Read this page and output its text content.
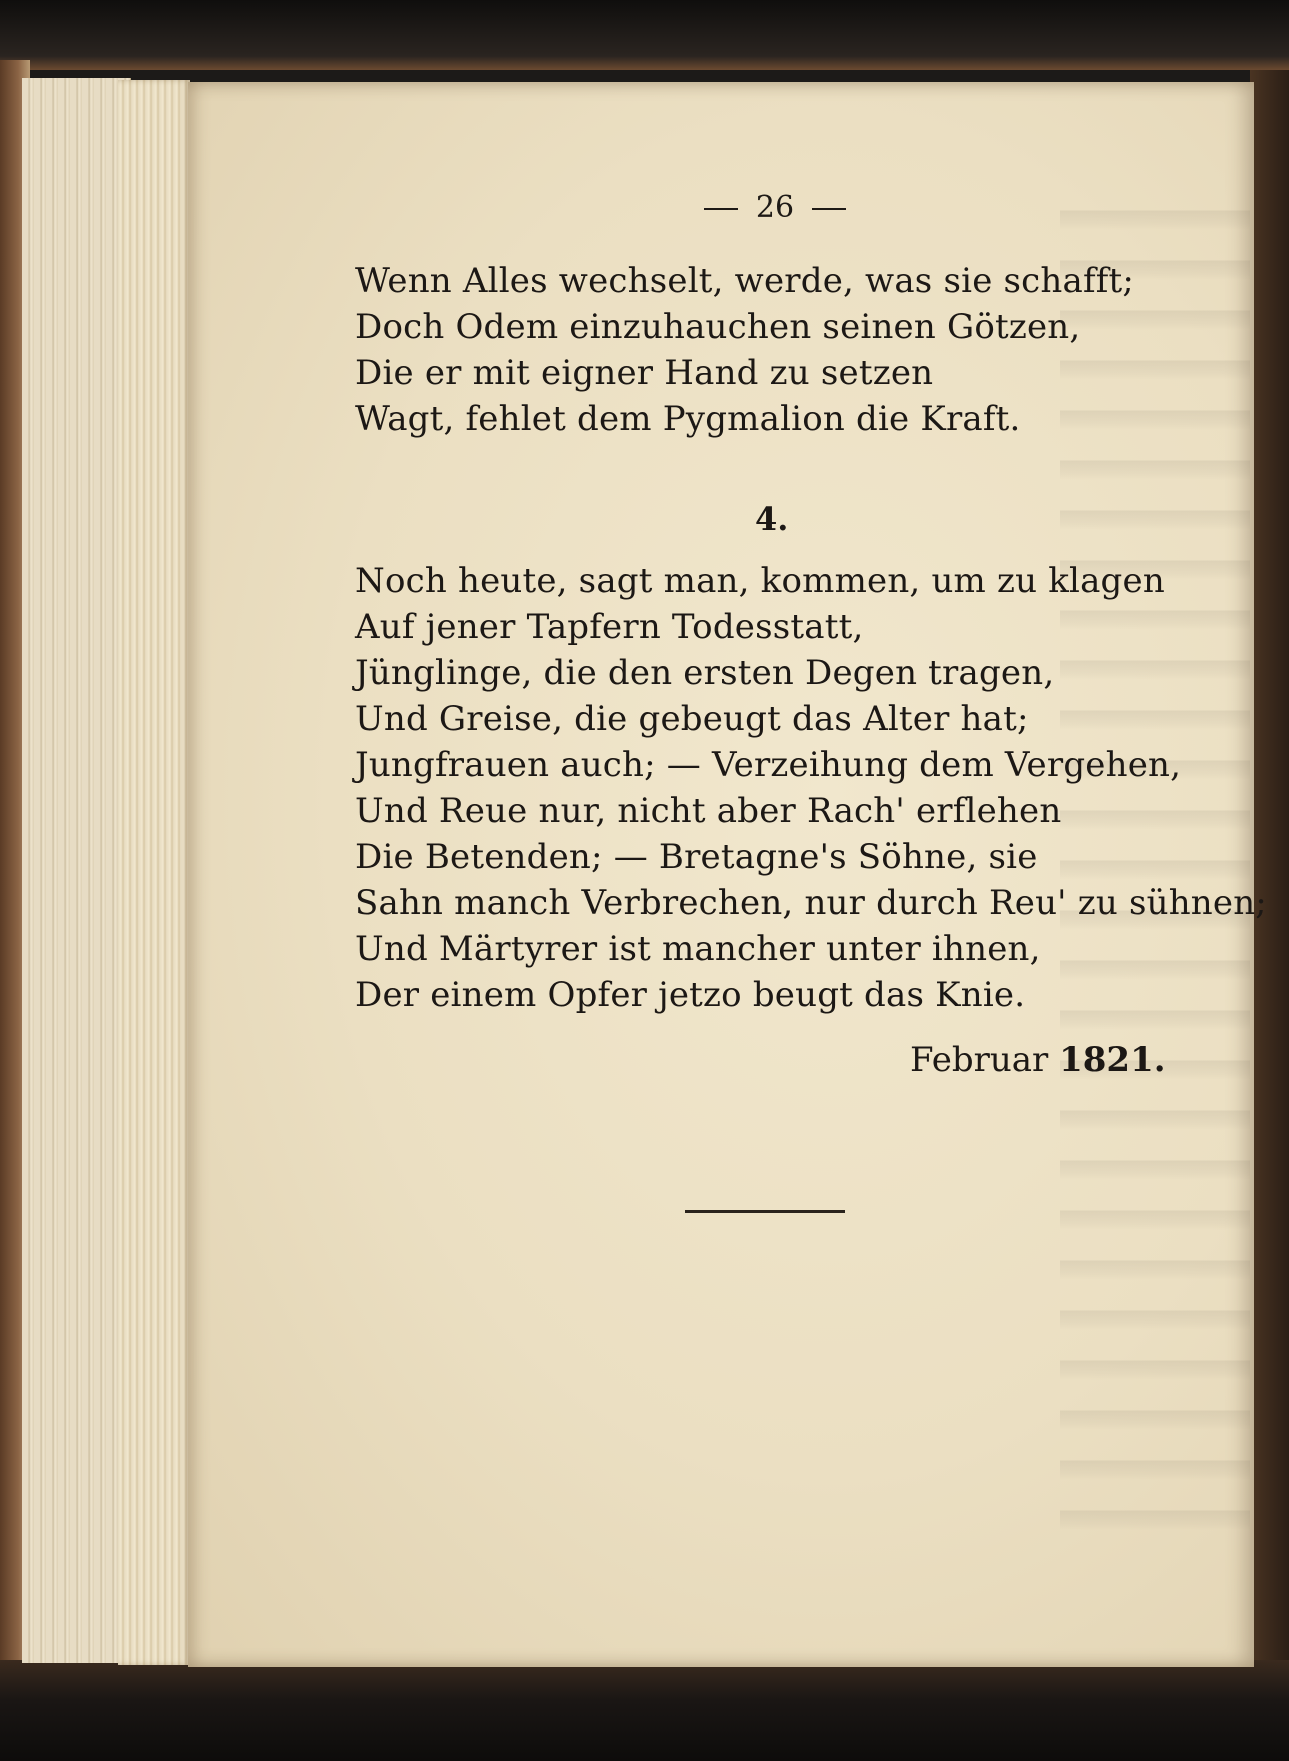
26
Wenn Alles wechselt, werde, was sie schafft;
Doch Odem einzuhauchen seinen Götzen,
Die er mit eigner Hand zu setzen
Wagt, fehlet dem Pygmalion die Kraft.
4.
Noch heute, sagt man, kommen, um zu klagen
Auf jener Tapfern Todesstatt,
Jünglinge, die den ersten Degen tragen,
Und Greise, die gebeugt das Alter hat;
Jungfrauen auch; — Verzeihung dem Vergehen,
Und Reue nur, nicht aber Rach' erflehen
Die Betenden; — Bretagne's Söhne, sie
Sahn manch Verbrechen, nur durch Reu' zu sühnen;
Und Märtyrer ist mancher unter ihnen,
Der einem Opfer jetzo beugt das Knie.
Februar 1821.
